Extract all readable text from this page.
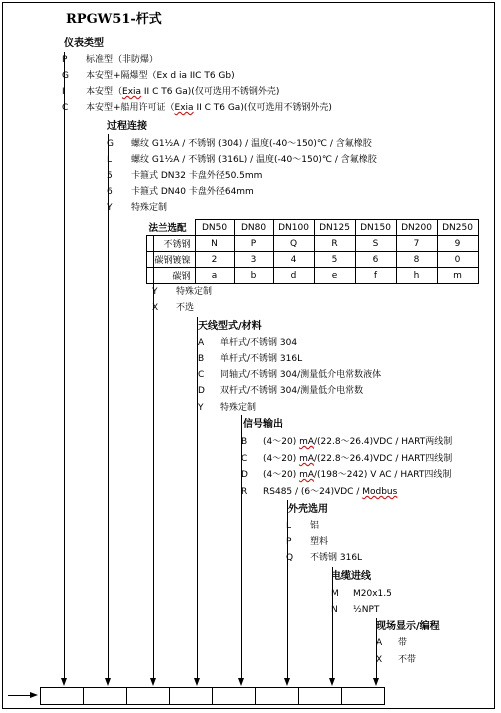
RPGW51-杆式
仪表类型
P 标准型（非防爆）
G 本安型+隔爆型（Ex d ia IIC T6 Gb)
I 本安型（Exia II C T6 Ga)(仅可选用不锈钢外壳)
C 本安型+船用许可证（Exia II C T6 Ga)(仅可选用不锈钢外壳)
过程连接
G 螺纹 G1½A / 不锈钢 (304) / 温度(-40～150)℃ / 含氟橡胶
L 螺纹 G1½A / 不锈钢 (316L) / 温度(-40～150)℃ / 含氟橡胶
5 卡箍式 DN32 卡盘外径50.5mm
6 卡箍式 DN40 卡盘外径64mm
Y 特殊定制
法兰选配	DN50	DN80	DN100	DN125	DN150	DN200	DN250
不锈钢	N	P	Q	R	S	7	9
碳钢镀镍	2	3	4	5	6	8	0
碳钢	a	b	d	e	f	h	m
Y 特殊定制
X 不选
天线型式/材料
A 单杆式/不锈钢 304
B 单杆式/不锈钢 316L
C 同轴式/不锈钢 304/测量低介电常数液体
D 双杆式/不锈钢 304/测量低介电常数
Y 特殊定制
信号输出
B (4～20) mA/(22.8～26.4)VDC / HART两线制
C (4～20) mA/(22.8～26.4)VDC / HART四线制
D (4～20) mA/(198～242) V AC / HART四线制
R RS485 / (6～24)VDC / Modbus
外壳选用
L 铝
P 塑料
Q 不锈钢 316L
电缆进线
M M20x1.5
N ½NPT
现场显示/编程
A 带
X 不带
